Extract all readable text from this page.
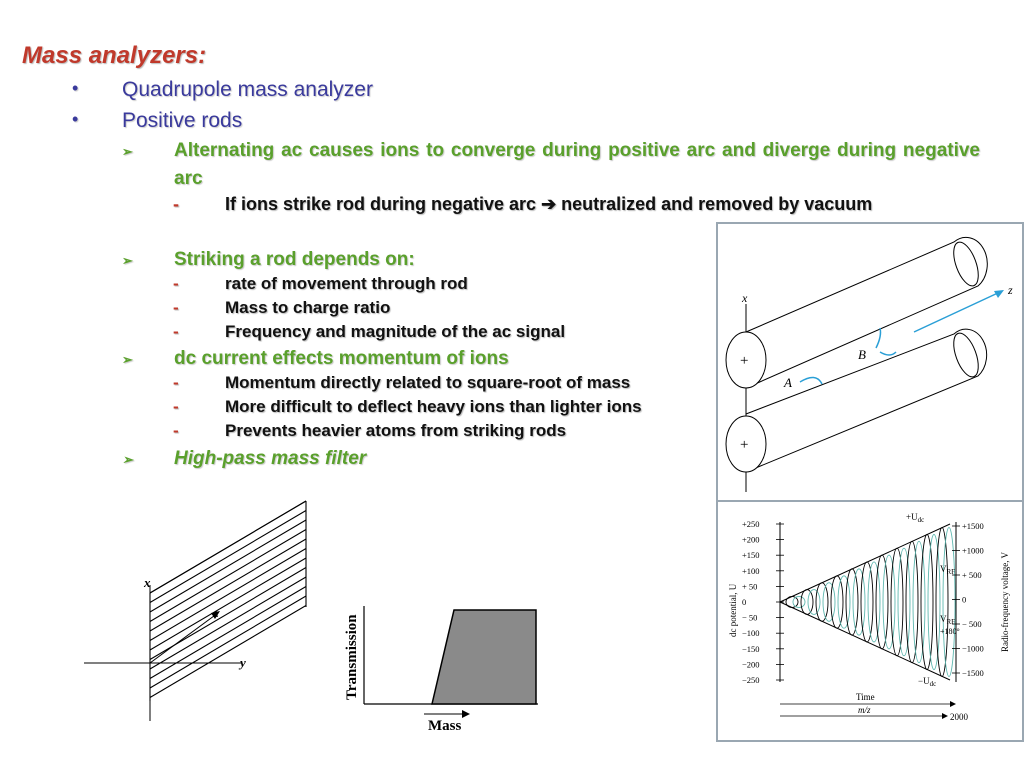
Mass analyzers:
• Quadrupole mass analyzer
• Positive rods
➢ Alternating ac causes ions to converge during positive arc and diverge during negative arc
-	If ions strike rod during negative arc ➔ neutralized and removed by vacuum
➢ Striking a rod depends on:
-	rate of movement through rod
-	Mass to charge ratio
-	Frequency and magnitude of the ac signal
➢ dc current effects momentum of ions
-	Momentum directly related to square-root of mass
-	More difficult to deflect heavy ions than lighter ions
-	Prevents heavier atoms from striking rods
➢ High-pass mass filter
x
+
+
z
A
B
+250
+200
+150
+100
+ 50
0
− 50
−100
−150
−200
−250
+1500
+1000
+ 500
0
− 500
−1000
−1500
dc potential, U	Radio-frequency voltage, V
$+U_{dc}$
$-U_{dc}$
$V_{RF}$
$V_{RF}$
+180°
Time
m/z
2000
x
y
z
Transmission
Mass
